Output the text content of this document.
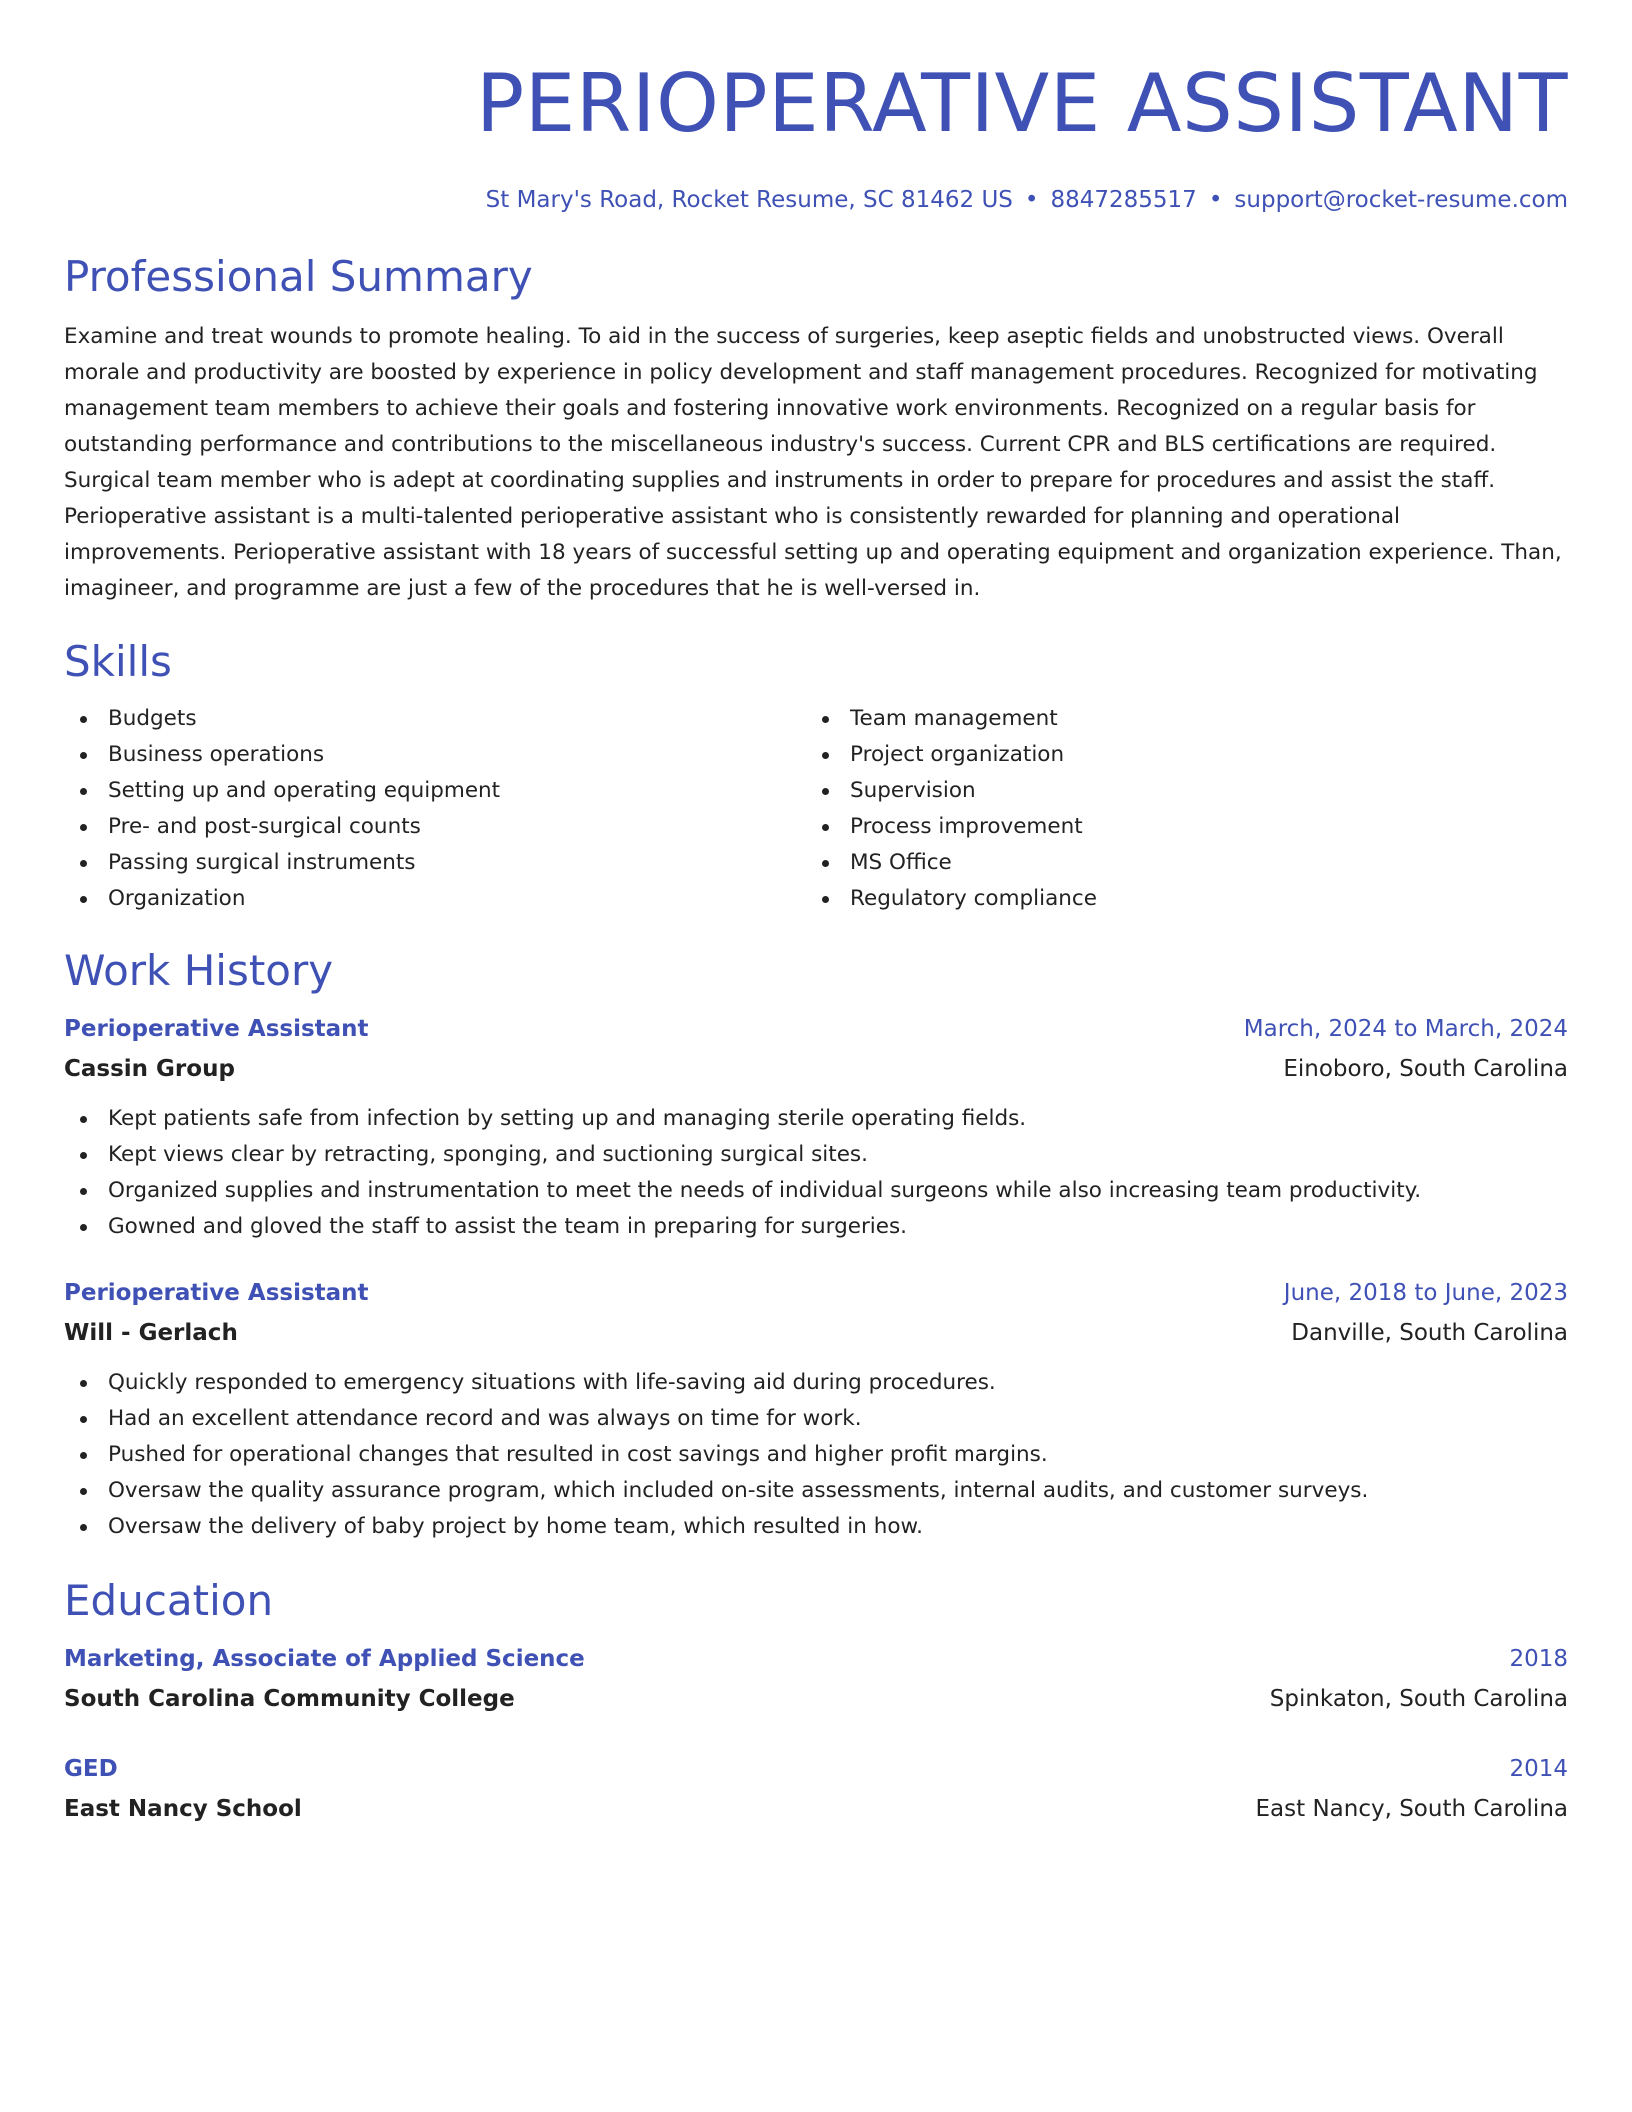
PERIOPERATIVE ASSISTANT
St Mary's Road, Rocket Resume, SC 81462 US • 8847285517 • support@rocket-resume.com
Professional Summary

Examine and treat wounds to promote healing. To aid in the success of surgeries, keep aseptic fields and unobstructed views. Overall morale and productivity are boosted by experience in policy development and staff management procedures. Recognized for motivating management team members to achieve their goals and fostering innovative work environments. Recognized on a regular basis for outstanding performance and contributions to the miscellaneous industry's success. Current CPR and BLS certifications are required. Surgical team member who is adept at coordinating supplies and instruments in order to prepare for procedures and assist the staff. Perioperative assistant is a multi-talented perioperative assistant who is consistently rewarded for planning and operational improvements. Perioperative assistant with 18 years of successful setting up and operating equipment and organization experience. Than, imagineer, and programme are just a few of the procedures that he is well-versed in.

Skills
Budgets
Business operations
Setting up and operating equipment
Pre- and post-surgical counts
Passing surgical instruments
Organization
Team management
Project organization
Supervision
Process improvement
MS Office
Regulatory compliance
Work History
Perioperative Assistant	March, 2024 to March, 2024
Cassin Group	Einoboro, South Carolina
Kept patients safe from infection by setting up and managing sterile operating fields.
Kept views clear by retracting, sponging, and suctioning surgical sites.
Organized supplies and instrumentation to meet the needs of individual surgeons while also increasing team productivity.
Gowned and gloved the staff to assist the team in preparing for surgeries.
Perioperative Assistant	June, 2018 to June, 2023
Will - Gerlach	Danville, South Carolina
Quickly responded to emergency situations with life-saving aid during procedures.
Had an excellent attendance record and was always on time for work.
Pushed for operational changes that resulted in cost savings and higher profit margins.
Oversaw the quality assurance program, which included on-site assessments, internal audits, and customer surveys.
Oversaw the delivery of baby project by home team, which resulted in how.
Education
Marketing, Associate of Applied Science	2018
South Carolina Community College	Spinkaton, South Carolina
GED	2014
East Nancy School	East Nancy, South Carolina
